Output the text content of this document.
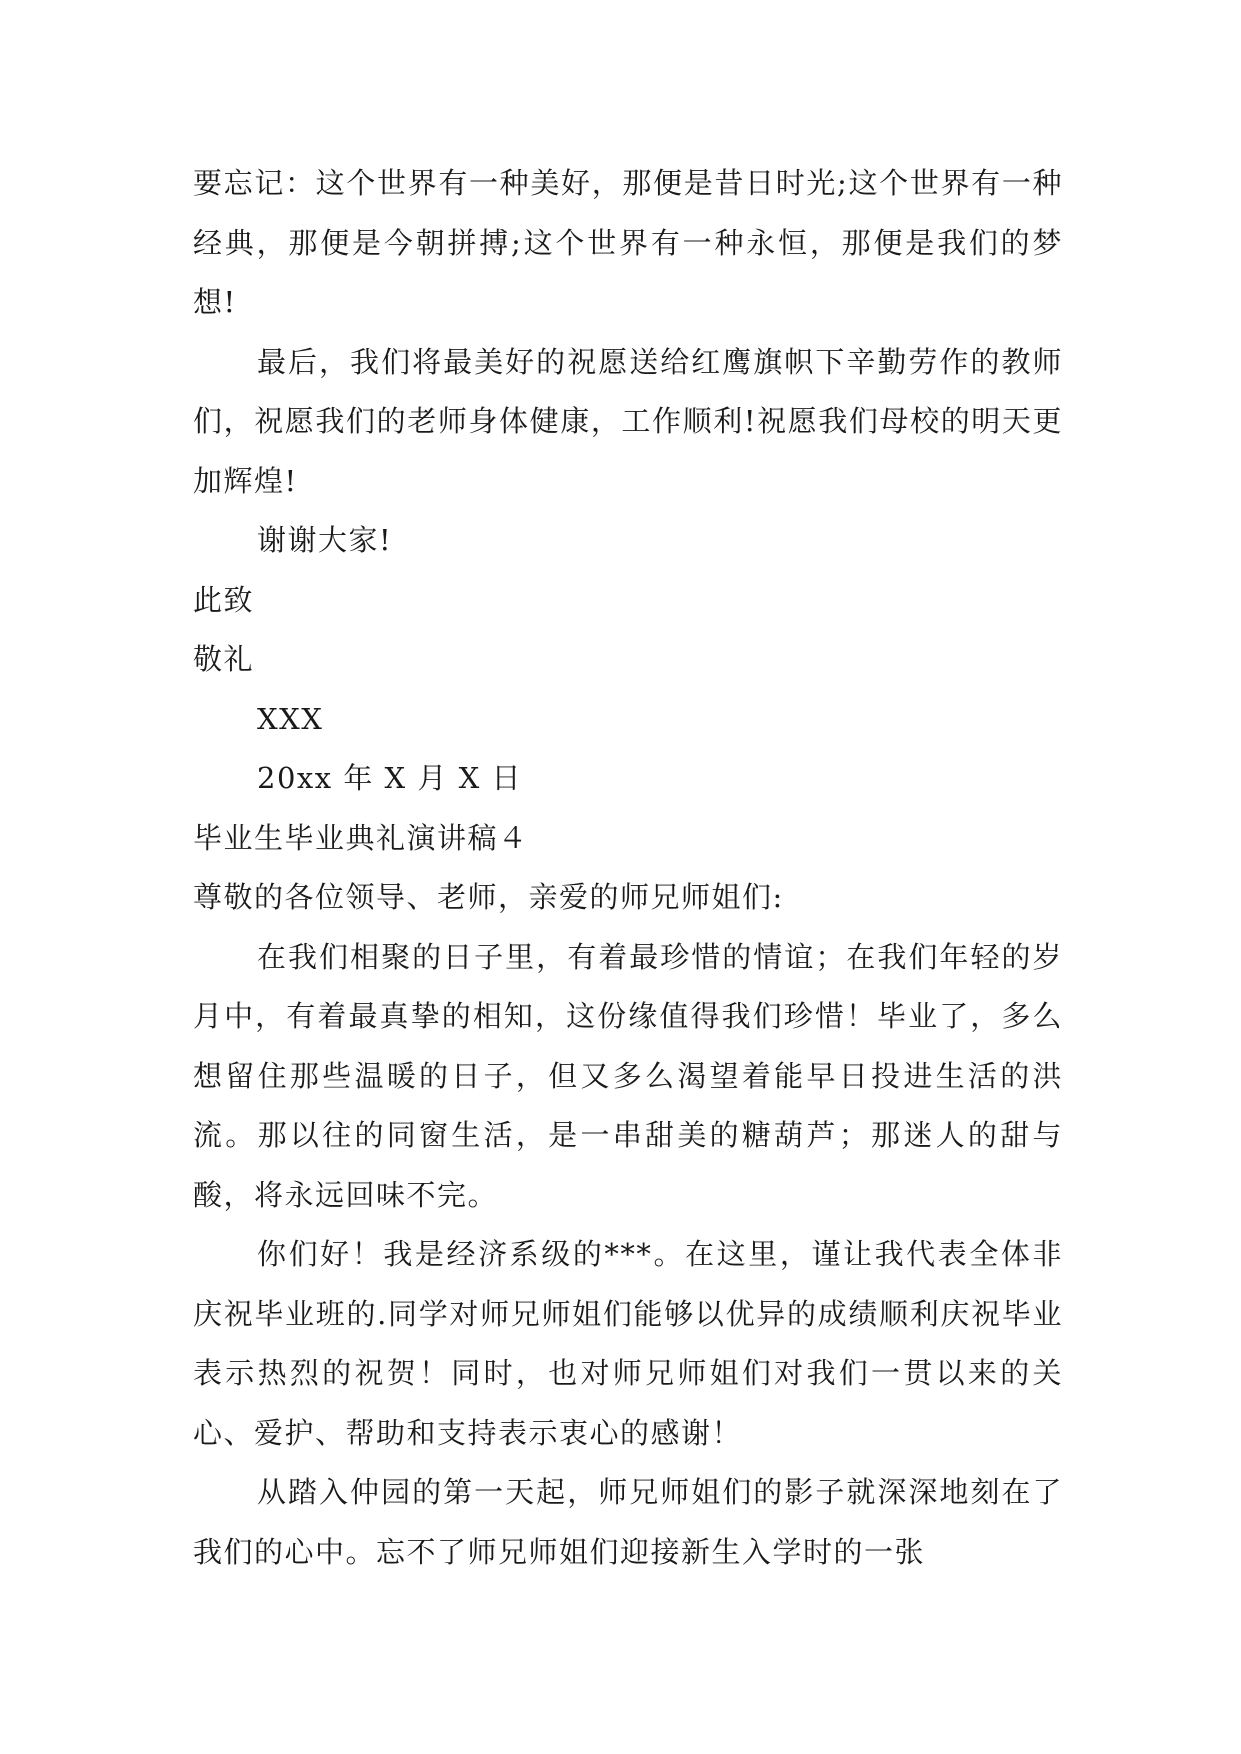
要忘记：这个世界有一种美好，那便是昔日时光;这个世界有一种经典，那便是今朝拼搏;这个世界有一种永恒，那便是我们的梦想!

最后，我们将最美好的祝愿送给红鹰旗帜下辛勤劳作的教师们，祝愿我们的老师身体健康，工作顺利!祝愿我们母校的明天更加辉煌!

谢谢大家!

此致

敬礼

XXX

20xx 年 X 月 X 日

毕业生毕业典礼演讲稿４

尊敬的各位领导、老师，亲爱的师兄师姐们:

在我们相聚的日子里，有着最珍惜的情谊；在我们年轻的岁月中，有着最真挚的相知，这份缘值得我们珍惜！毕业了，多么想留住那些温暖的日子，但又多么渴望着能早日投进生活的洪流。那以往的同窗生活，是一串甜美的糖葫芦；那迷人的甜与酸，将永远回味不完。

你们好！我是经济系级的***。在这里，谨让我代表全体非庆祝毕业班的.同学对师兄师姐们能够以优异的成绩顺利庆祝毕业表示热烈的祝贺！同时，也对师兄师姐们对我们一贯以来的关心、爱护、帮助和支持表示衷心的感谢！

从踏入仲园的第一天起，师兄师姐们的影子就深深地刻在了我们的心中。忘不了师兄师姐们迎接新生入学时的一张
